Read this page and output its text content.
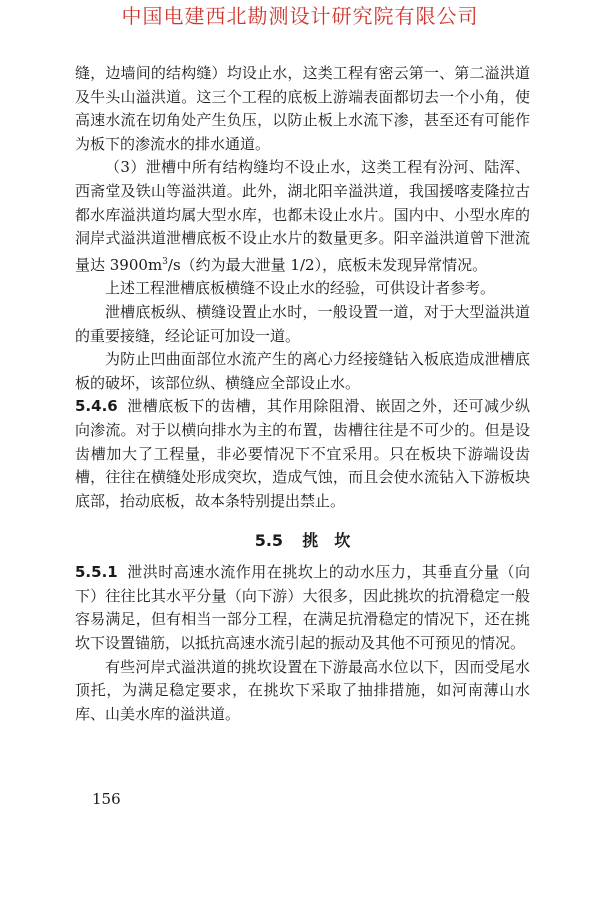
中国电建西北勘测设计研究院有限公司

缝，边墙间的结构缝）均设止水，这类工程有密云第一、第二溢洪道及牛头山溢洪道。这三个工程的底板上游端表面都切去一个小角，使高速水流在切角处产生负压，以防止板上水流下渗，甚至还有可能作为板下的渗流水的排水通道。

（3）泄槽中所有结构缝均不设止水，这类工程有汾河、陆浑、西斋堂及铁山等溢洪道。此外，湖北阳辛溢洪道，我国援喀麦隆拉古都水库溢洪道均属大型水库，也都未设止水片。国内中、小型水库的洞岸式溢洪道泄槽底板不设止水片的数量更多。阳辛溢洪道曾下泄流量达 $3900m^3/s$（约为最大泄量 1/2），底板未发现异常情况。

上述工程泄槽底板横缝不设止水的经验，可供设计者参考。

泄槽底板纵、横缝设置止水时，一般设置一道，对于大型溢洪道的重要接缝，经论证可加设一道。

为防止凹曲面部位水流产生的离心力经接缝钻入板底造成泄槽底板的破坏，该部位纵、横缝应全部设止水。

5.4.6 泄槽底板下的齿槽，其作用除阻滑、嵌固之外，还可减少纵向渗流。对于以横向排水为主的布置，齿槽往往是不可少的。但是设齿槽加大了工程量，非必要情况下不宜采用。只在板块下游端设齿槽，往往在横缝处形成突坎，造成气蚀，而且会使水流钻入下游板块底部，抬动底板，故本条特别提出禁止。

5.5 挑　坎

5.5.1 泄洪时高速水流作用在挑坎上的动水压力，其垂直分量（向下）往往比其水平分量（向下游）大很多，因此挑坎的抗滑稳定一般容易满足，但有相当一部分工程，在满足抗滑稳定的情况下，还在挑坎下设置锚筋，以抵抗高速水流引起的振动及其他不可预见的情况。

有些河岸式溢洪道的挑坎设置在下游最高水位以下，因而受尾水顶托，为满足稳定要求，在挑坎下采取了抽排措施，如河南薄山水库、山美水库的溢洪道。

156
